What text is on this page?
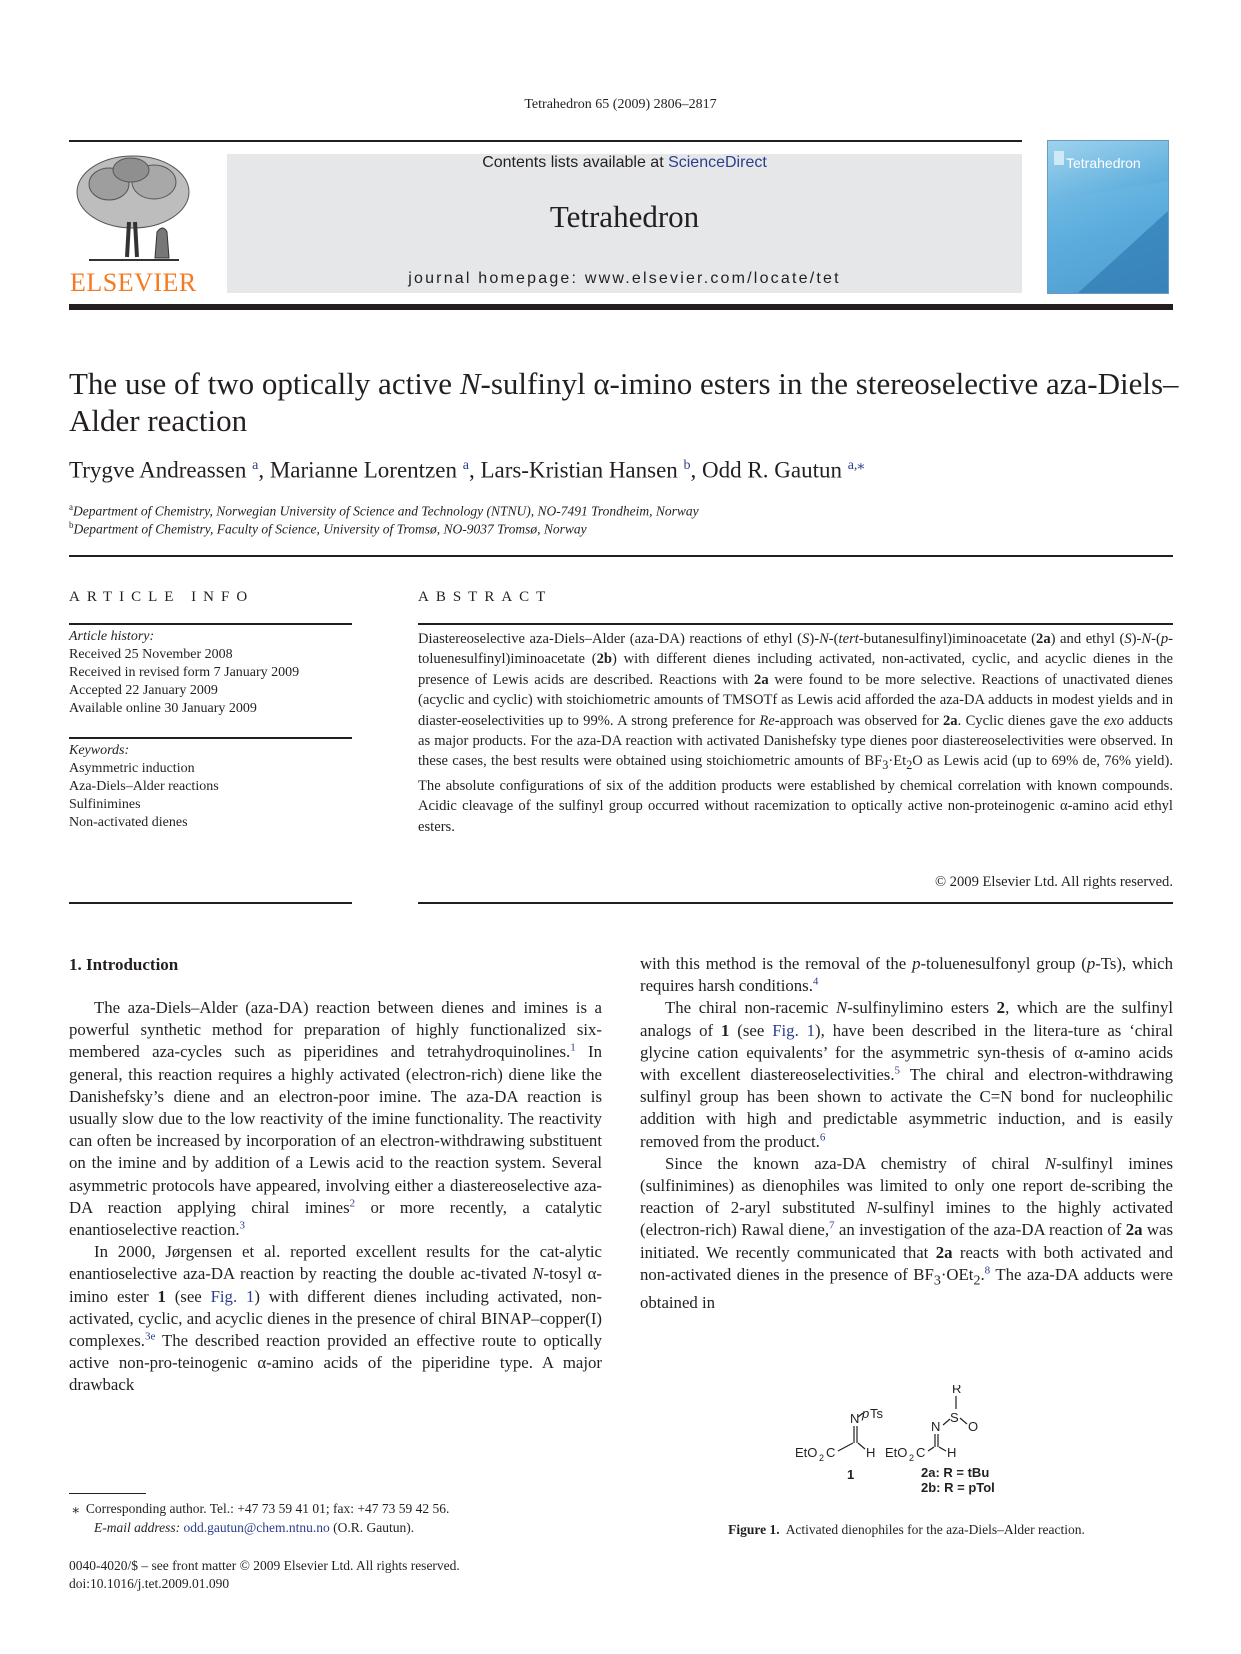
Tetrahedron 65 (2009) 2806–2817
ELSEVIER
Contents lists available at ScienceDirect
Tetrahedron
journal homepage: www.elsevier.com/locate/tet
Tetrahedron
The use of two optically active N-sulfinyl α-imino esters in the stereoselective aza-Diels–Alder reaction
Trygve Andreassen $^a$, Marianne Lorentzen $^a$, Lars-Kristian Hansen $^b$, Odd R. Gautun $^{a,⁎}$
$^a$Department of Chemistry, Norwegian University of Science and Technology (NTNU), NO-7491 Trondheim, Norway
$^b$Department of Chemistry, Faculty of Science, University of Tromsø, NO-9037 Tromsø, Norway
ARTICLE INFO
Article history:
Received 25 November 2008
Received in revised form 7 January 2009
Accepted 22 January 2009
Available online 30 January 2009
Keywords:
Asymmetric induction
Aza-Diels–Alder reactions
Sulfinimines
Non-activated dienes
ABSTRACT
Diastereoselective aza-Diels–Alder (aza-DA) reactions of ethyl (S)-N-(tert-butanesulfinyl)iminoacetate (2a) and ethyl (S)-N-(p-toluenesulfinyl)iminoacetate (2b) with different dienes including activated, non-activated, cyclic, and acyclic dienes in the presence of Lewis acids are described. Reactions with 2a were found to be more selective. Reactions of unactivated dienes (acyclic and cyclic) with stoichiometric amounts of TMSOTf as Lewis acid afforded the aza-DA adducts in modest yields and in diaster-eoselectivities up to 99%. A strong preference for Re-approach was observed for 2a. Cyclic dienes gave the exo adducts as major products. For the aza-DA reaction with activated Danishefsky type dienes poor diastereoselectivities were observed. In these cases, the best results were obtained using stoichiometric amounts of $BF_3\cdot Et_2O$ as Lewis acid (up to 69% de, 76% yield). The absolute configurations of six of the addition products were established by chemical correlation with known compounds. Acidic cleavage of the sulfinyl group occurred without racemization to optically active non-proteinogenic α-amino acid ethyl esters.
© 2009 Elsevier Ltd. All rights reserved.
1. Introduction

The aza-Diels–Alder (aza-DA) reaction between dienes and imines is a powerful synthetic method for preparation of highly functionalized six-membered aza-cycles such as piperidines and tetrahydroquinolines.$^1$ In general, this reaction requires a highly activated (electron-rich) diene like the Danishefsky’s diene and an electron-poor imine. The aza-DA reaction is usually slow due to the low reactivity of the imine functionality. The reactivity can often be increased by incorporation of an electron-withdrawing substituent on the imine and by addition of a Lewis acid to the reaction system. Several asymmetric protocols have appeared, involving either a diastereoselective aza-DA reaction applying chiral imines$^2$ or more recently, a catalytic enantioselective reaction.$^3$

In 2000, Jørgensen et al. reported excellent results for the cat-alytic enantioselective aza-DA reaction by reacting the double ac-tivated N-tosyl α-imino ester 1 (see Fig. 1) with different dienes including activated, non-activated, cyclic, and acyclic dienes in the presence of chiral BINAP–copper(I) complexes.$^{3e}$ The described reaction provided an effective route to optically active non-pro-teinogenic α-amino acids of the piperidine type. A major drawback

with this method is the removal of the p-toluenesulfonyl group (p-Ts), which requires harsh conditions.$^4$

The chiral non-racemic N-sulfinylimino esters 2, which are the sulfinyl analogs of 1 (see Fig. 1), have been described in the litera-ture as ‘chiral glycine cation equivalents’ for the asymmetric syn-thesis of α-amino acids with excellent diastereoselectivities.$^5$ The chiral and electron-withdrawing sulfinyl group has been shown to activate the C=N bond for nucleophilic addition with high and predictable asymmetric induction, and is easily removed from the product.$^6$

Since the known aza-DA chemistry of chiral N-sulfinyl imines (sulfinimines) as dienophiles was limited to only one report de-scribing the reaction of 2-aryl substituted N-sulfinyl imines to the highly activated (electron-rich) Rawal diene,$^7$ an investigation of the aza-DA reaction of 2a was initiated. We recently communicated that 2a reacts with both activated and non-activated dienes in the presence of $BF_3\cdot OEt_2.^8$ The aza-DA adducts were obtained in

N p Ts
EtO 2 C H
1
R
S
O
N
EtO 2 C H
2a: R = tBu
2b: R = pTol
Figure 1. Activated dienophiles for the aza-Diels–Alder reaction.
⁎  Corresponding author. Tel.: +47 73 59 41 01; fax: +47 73 59 42 56.
E-mail address: odd.gautun@chem.ntnu.no (O.R. Gautun).
0040-4020/$ – see front matter © 2009 Elsevier Ltd. All rights reserved.
doi:10.1016/j.tet.2009.01.090
